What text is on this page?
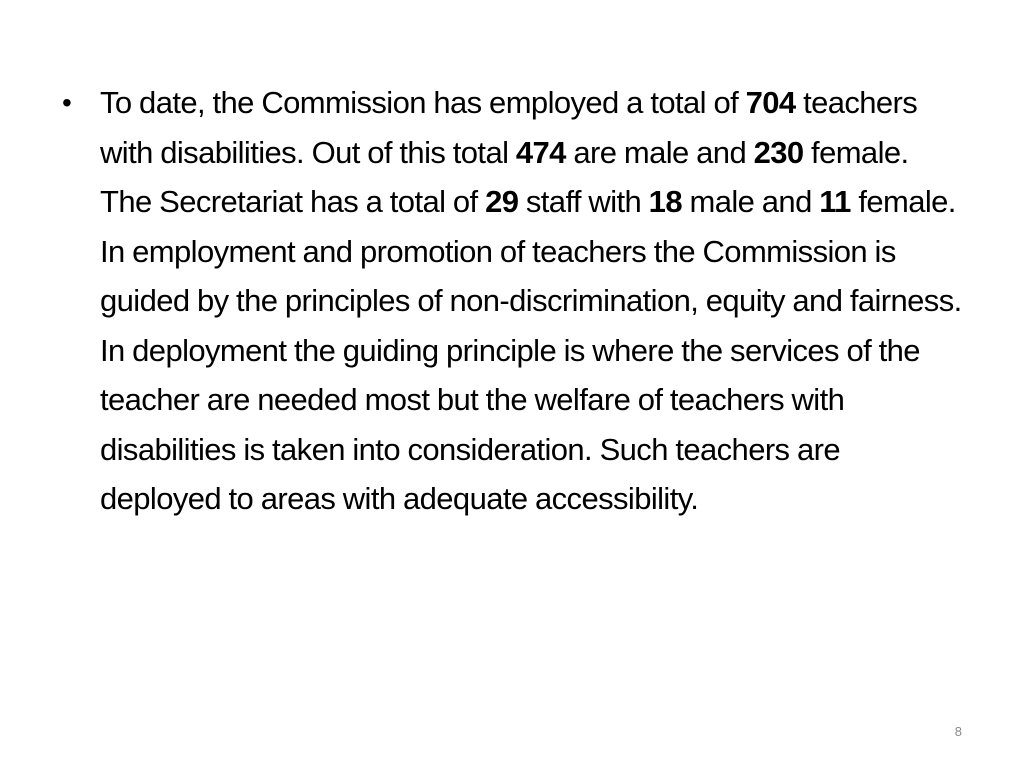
• To date, the Commission has employed a total of 704 teachers with disabilities. Out of this total 474 are male and 230 female. The Secretariat has a total of 29 staff with 18 male and 11 female. In employment and promotion of teachers the Commission is guided by the principles of non-discrimination, equity and fairness. In deployment the guiding principle is where the services of the teacher are needed most but the welfare of teachers with disabilities is taken into consideration. Such teachers are deployed to areas with adequate accessibility.
8
